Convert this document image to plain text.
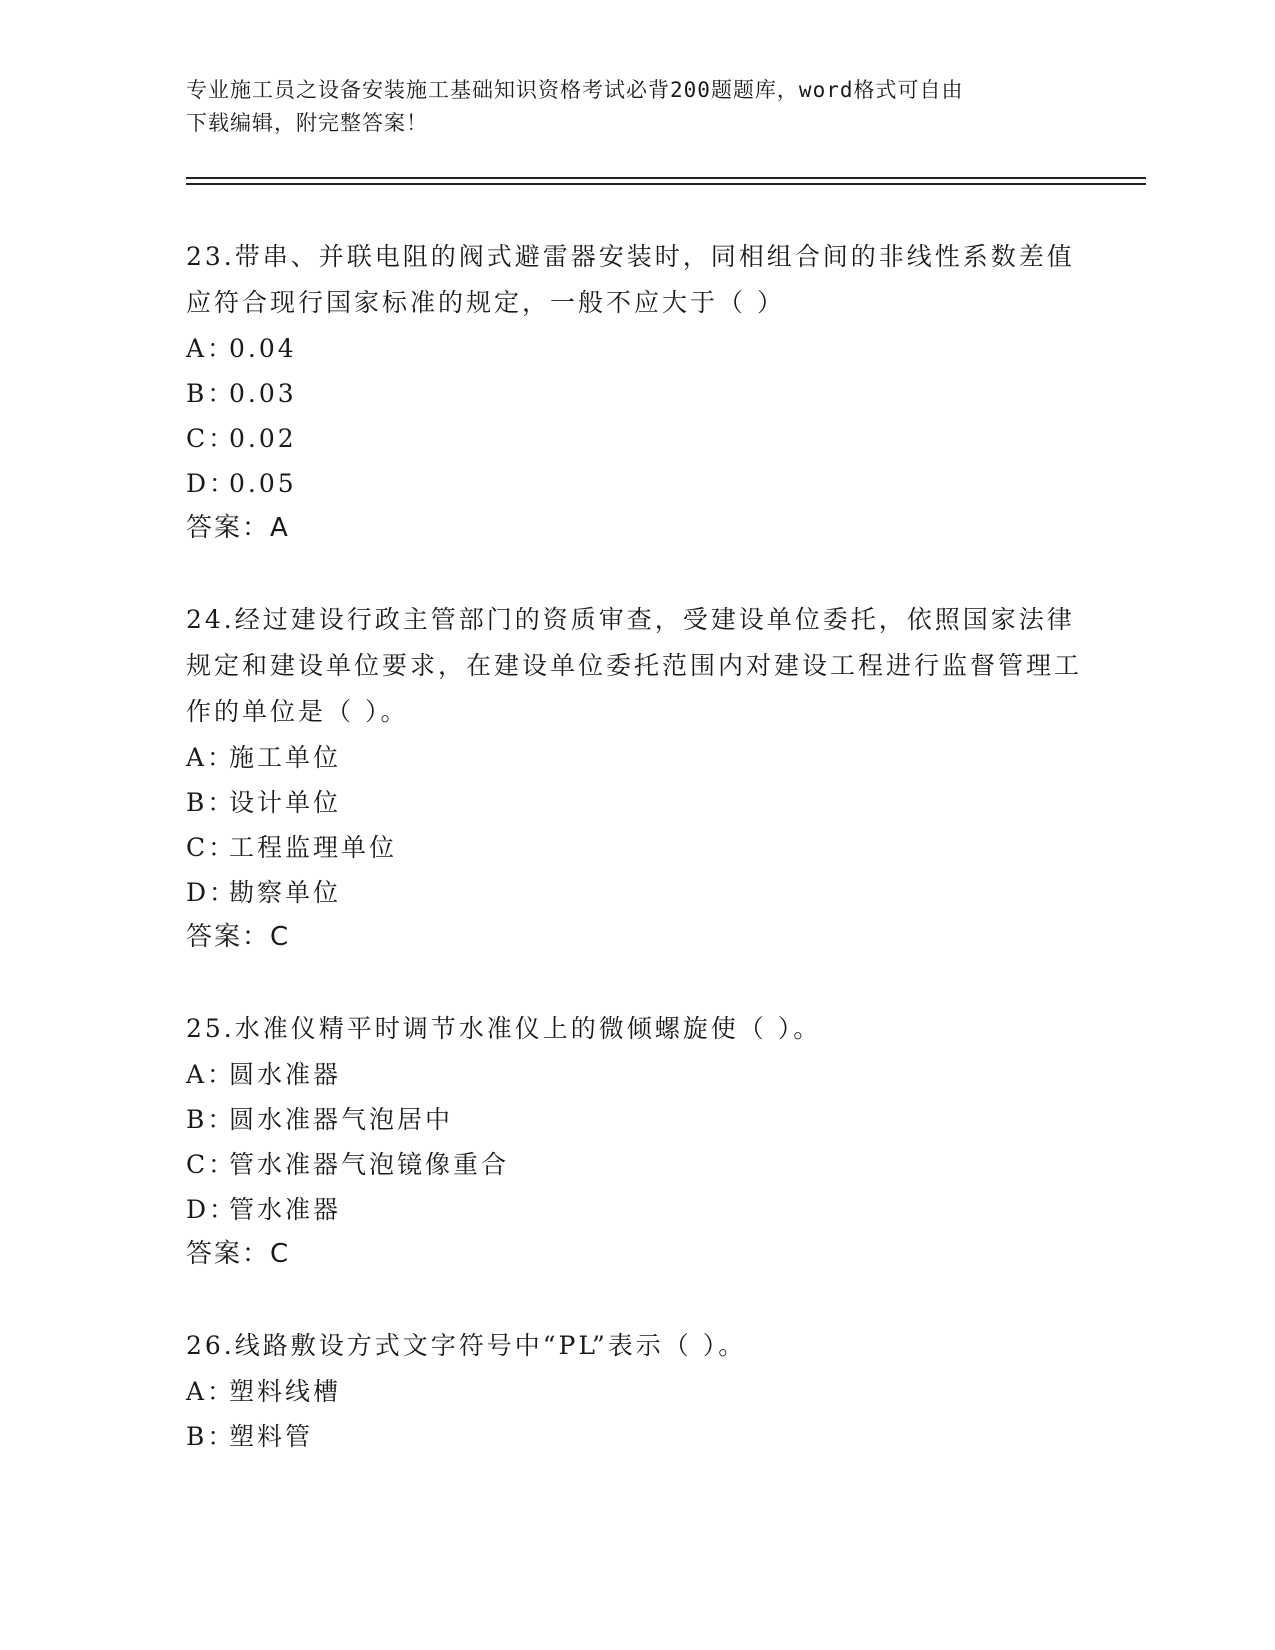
专业施工员之设备安装施工基础知识资格考试必背200题题库，word格式可自由
下载编辑，附完整答案！
23.带串、并联电阻的阀式避雷器安装时，同相组合间的非线性系数差值应符合现行国家标准的规定，一般不应大于（ ）
A：0.04
B：0.03
C：0.02
D：0.05
答案：A
24.经过建设行政主管部门的资质审查，受建设单位委托，依照国家法律规定和建设单位要求，在建设单位委托范围内对建设工程进行监督管理工作的单位是（ ）。
A：施工单位
B：设计单位
C：工程监理单位
D：勘察单位
答案：C
25.水准仪精平时调节水准仪上的微倾螺旋使（ ）。
A：圆水准器
B：圆水准器气泡居中
C：管水准器气泡镜像重合
D：管水准器
答案：C
26.线路敷设方式文字符号中“PL”表示（ ）。
A：塑料线槽
B：塑料管
